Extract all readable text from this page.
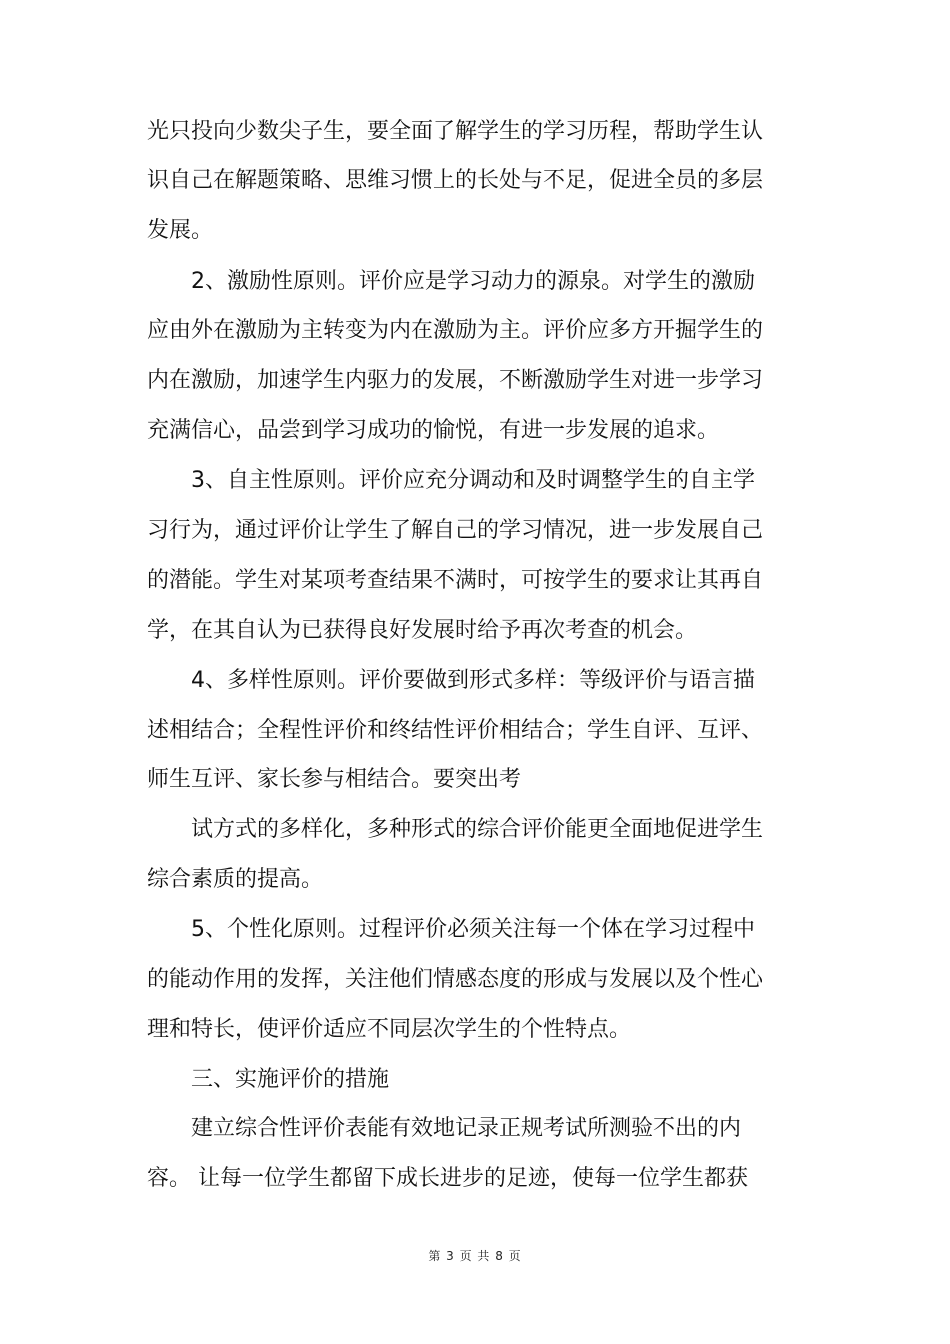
光只投向少数尖子生，要全面了解学生的学习历程，帮助学生认
识自己在解题策略、思维习惯上的长处与不足，促进全员的多层
发展。
2、激励性原则。评价应是学习动力的源泉。对学生的激励
应由外在激励为主转变为内在激励为主。评价应多方开掘学生的
内在激励，加速学生内驱力的发展，不断激励学生对进一步学习
充满信心，品尝到学习成功的愉悦，有进一步发展的追求。
3、自主性原则。评价应充分调动和及时调整学生的自主学
习行为，通过评价让学生了解自己的学习情况，进一步发展自己
的潜能。学生对某项考查结果不满时，可按学生的要求让其再自
学，在其自认为已获得良好发展时给予再次考查的机会。
4、多样性原则。评价要做到形式多样：等级评价与语言描
述相结合；全程性评价和终结性评价相结合；学生自评、互评、
师生互评、家长参与相结合。要突出考
试方式的多样化，多种形式的综合评价能更全面地促进学生
综合素质的提高。
5、个性化原则。过程评价必须关注每一个体在学习过程中
的能动作用的发挥，关注他们情感态度的形成与发展以及个性心
理和特长，使评价适应不同层次学生的个性特点。
三、实施评价的措施
建立综合性评价表能有效地记录正规考试所测验不出的内
容。 让每一位学生都留下成长进步的足迹，使每一位学生都获
第 3 页 共 8 页
